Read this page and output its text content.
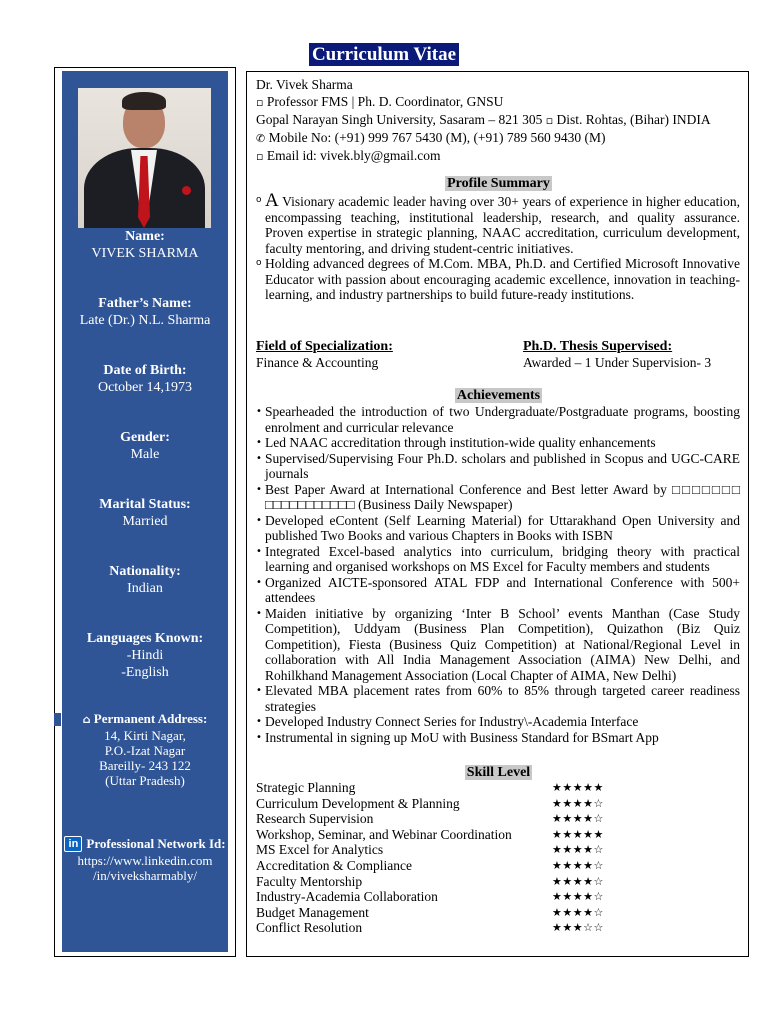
Curriculum Vitae
Name:
VIVEK SHARMA
Father’s Name:
Late (Dr.) N.L. Sharma
Date of Birth:
October 14,1973
Gender:
Male
Marital Status:
Married
Nationality:
Indian
Languages Known:
-Hindi
-English
⌂ Permanent Address:
14, Kirti Nagar,
P.O.-Izat Nagar
Bareilly- 243 122
(Uttar Pradesh)
in Professional Network Id:
https://www.linkedin.com
/in/viveksharmably/
Dr. Vivek Sharma
▫ Professor FMS | Ph. D. Coordinator, GNSU
Gopal Narayan Singh University, Sasaram – 821 305 ▫ Dist. Rohtas, (Bihar) INDIA
✆ Mobile No: (+91) 999 767 5430 (M), (+91) 789 560 9430 (M)
▫ Email id: vivek.bly@gmail.com
Profile Summary
o A Visionary academic leader having over 30+ years of experience in higher education, encompassing teaching, institutional leadership, research, and quality assurance. Proven expertise in strategic planning, NAAC accreditation, curriculum development, faculty mentoring, and driving student-centric initiatives.
o Holding advanced degrees of M.Com. MBA, Ph.D. and Certified Microsoft Innovative Educator with passion about encouraging academic excellence, innovation in teaching-learning, and industry partnerships to build future-ready institutions.
Field of Specialization:
Finance & Accounting
Ph.D. Thesis Supervised:
Awarded – 1 Under Supervision- 3
Achievements
• Spearheaded the introduction of two Undergraduate/Postgraduate programs, boosting enrolment and curricular relevance
• Led NAAC accreditation through institution-wide quality enhancements
• Supervised/Supervising Four Ph.D. scholars and published in Scopus and UGC-CARE journals
• Best Paper Award at International Conference and Best letter Award by □□□□□□□ □□□□□□□□□□□ (Business Daily Newspaper)
• Developed eContent (Self Learning Material) for Uttarakhand Open University and published Two Books and various Chapters in Books with ISBN
• Integrated Excel-based analytics into curriculum, bridging theory with practical learning and organised workshops on MS Excel for Faculty members and students
• Organized AICTE-sponsored ATAL FDP and International Conference with 500+ attendees
• Maiden initiative by organizing ‘Inter B School’ events Manthan (Case Study Competition), Uddyam (Business Plan Competition), Quizathon (Biz Quiz Competition), Fiesta (Business Quiz Competition) at National/Regional Level in collaboration with All India Management Association (AIMA) New Delhi, and Rohilkhand Management Association (Local Chapter of AIMA, New Delhi)
• Elevated MBA placement rates from 60% to 85% through targeted career readiness strategies
• Developed Industry Connect Series for Industry\-Academia Interface
• Instrumental in signing up MoU with Business Standard for BSmart App
Skill Level
Strategic Planning	★★★★★
Curriculum Development & Planning	★★★★☆
Research Supervision	★★★★☆
Workshop, Seminar, and Webinar Coordination	★★★★★
MS Excel for Analytics	★★★★☆
Accreditation & Compliance	★★★★☆
Faculty Mentorship	★★★★☆
Industry-Academia Collaboration	★★★★☆
Budget Management	★★★★☆
Conflict Resolution	★★★☆☆
